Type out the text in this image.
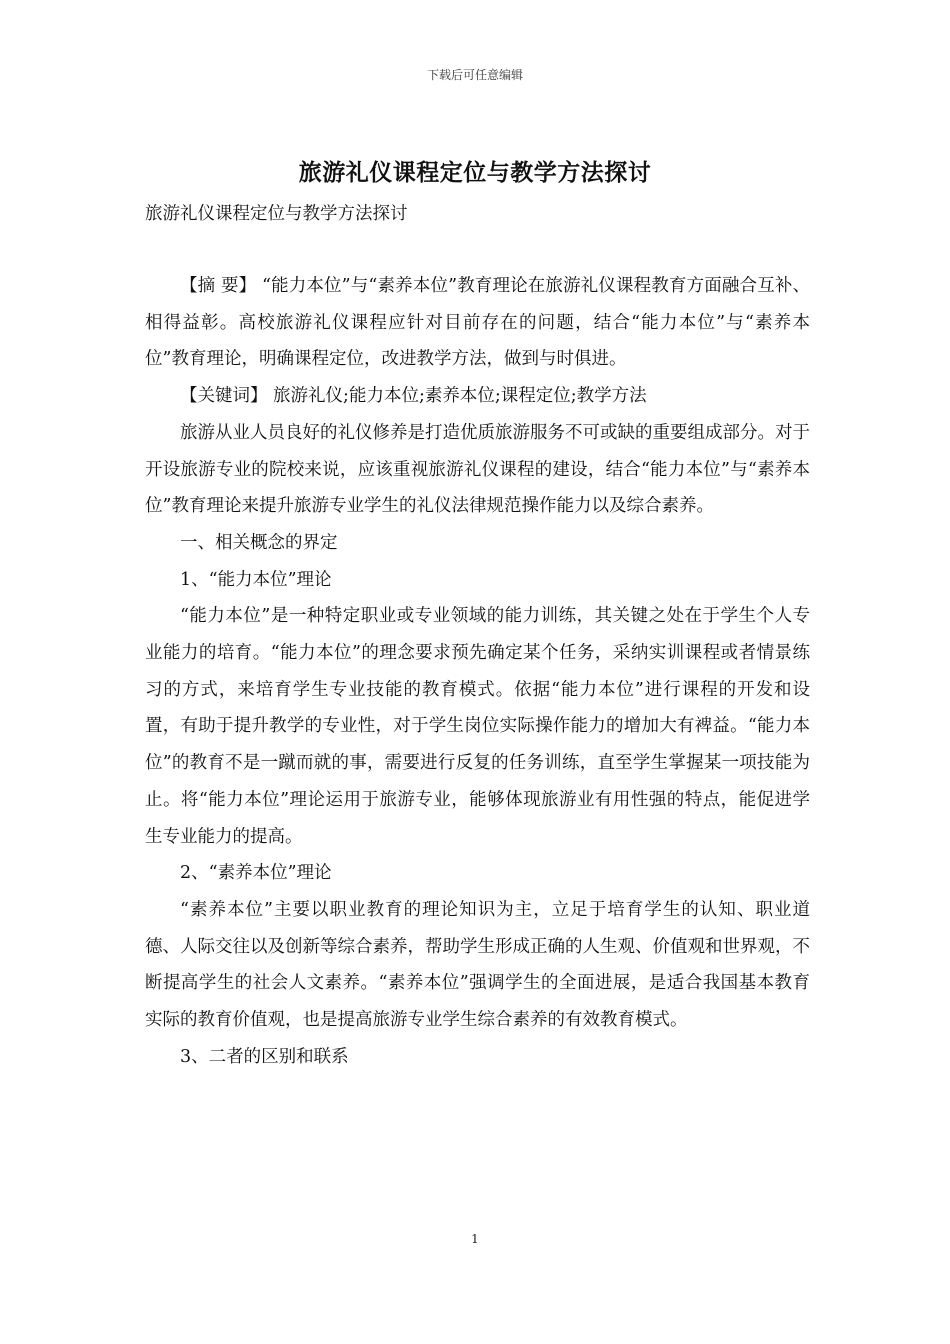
下载后可任意编辑
旅游礼仪课程定位与教学方法探讨
旅游礼仪课程定位与教学方法探讨

【摘 要】 “能力本位”与“素养本位”教育理论在旅游礼仪课程教育方面融合互补、相得益彰。高校旅游礼仪课程应针对目前存在的问题，结合“能力本位”与“素养本位”教育理论，明确课程定位，改进教学方法，做到与时俱进。

【关键词】 旅游礼仪;能力本位;素养本位;课程定位;教学方法

旅游从业人员良好的礼仪修养是打造优质旅游服务不可或缺的重要组成部分。对于开设旅游专业的院校来说，应该重视旅游礼仪课程的建设，结合“能力本位”与“素养本位”教育理论来提升旅游专业学生的礼仪法律规范操作能力以及综合素养。

一、相关概念的界定

1、“能力本位”理论

“能力本位”是一种特定职业或专业领域的能力训练，其关键之处在于学生个人专业能力的培育。“能力本位”的理念要求预先确定某个任务，采纳实训课程或者情景练习的方式，来培育学生专业技能的教育模式。依据“能力本位”进行课程的开发和设置，有助于提升教学的专业性，对于学生岗位实际操作能力的增加大有裨益。“能力本位”的教育不是一蹴而就的事，需要进行反复的任务训练，直至学生掌握某一项技能为止。将“能力本位”理论运用于旅游专业，能够体现旅游业有用性强的特点，能促进学生专业能力的提高。

2、“素养本位”理论

“素养本位”主要以职业教育的理论知识为主，立足于培育学生的认知、职业道德、人际交往以及创新等综合素养，帮助学生形成正确的人生观、价值观和世界观，不断提高学生的社会人文素养。“素养本位”强调学生的全面进展，是适合我国基本教育实际的教育价值观，也是提高旅游专业学生综合素养的有效教育模式。

3、二者的区别和联系

1
